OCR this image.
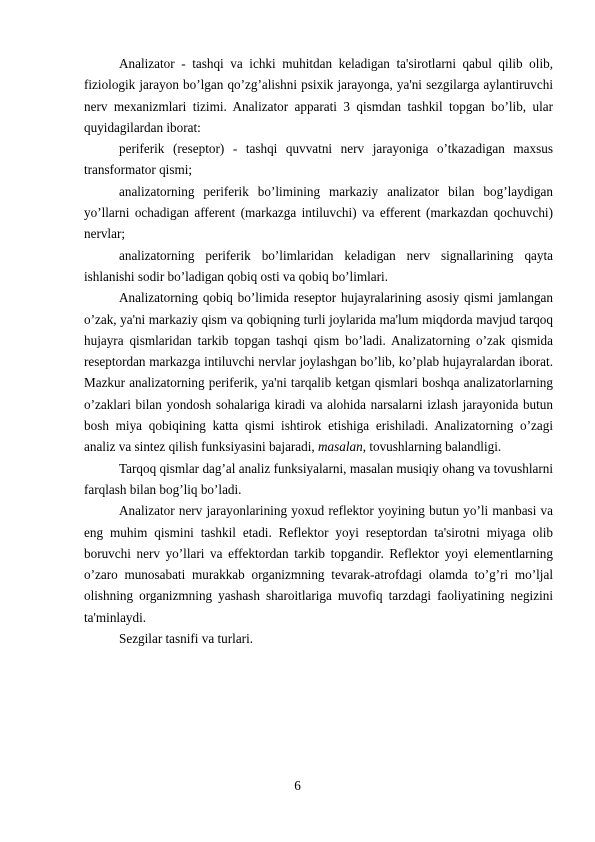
Analizator - tashqi va ichki muhitdan keladigan ta'sirotlarni qabul qilib olib, fiziologik jarayon bo’lgan qo’zg’alishni psixik jarayonga, ya'ni sezgilarga aylantiruvchi nerv mexanizmlari tizimi. Analizator apparati 3 qismdan tashkil topgan bo’lib, ular quyidagilardan iborat:

periferik (reseptor) - tashqi quvvatni nerv jarayoniga o’tkazadigan maxsus transformator qismi;

analizatorning periferik bo’limining markaziy analizator bilan bog’laydigan yo’llarni ochadigan afferent (markazga intiluvchi) va efferent (markazdan qochuvchi) nervlar;

analizatorning periferik bo’limlaridan keladigan nerv signallarining qayta ishlanishi sodir bo’ladigan qobiq osti va qobiq bo’limlari.

Analizatorning qobiq bo’limida reseptor hujayralarining asosiy qismi jamlangan o’zak, ya'ni markaziy qism va qobiqning turli joylarida ma'lum miqdorda mavjud tarqoq hujayra qismlaridan tarkib topgan tashqi qism bo’ladi. Analizatorning o’zak qismida reseptordan markazga intiluvchi nervlar joylashgan bo’lib, ko’plab hujayralardan iborat. Mazkur analizatorning periferik, ya'ni tarqalib ketgan qismlari boshqa analizatorlarning o’zaklari bilan yondosh sohalariga kiradi va alohida narsalarni izlash jarayonida butun bosh miya qobiqining katta qismi ishtirok etishiga erishiladi. Analizatorning o’zagi analiz va sintez qilish funksiyasini bajaradi, masalan, tovushlarning balandligi.

Tarqoq qismlar dag’al analiz funksiyalarni, masalan musiqiy ohang va tovushlarni farqlash bilan bog’liq bo’ladi.

Analizator nerv jarayonlarining yoxud reflektor yoyining butun yo’li manbasi va eng muhim qismini tashkil etadi. Reflektor yoyi reseptordan ta'sirotni miyaga olib boruvchi nerv yo’llari va effektordan tarkib topgandir. Reflektor yoyi elementlarning o’zaro munosabati murakkab organizmning tevarak-atrofdagi olamda to’g’ri mo’ljal olishning organizmning yashash sharoitlariga muvofiq tarzdagi faoliyatining negizini ta'minlaydi.

Sezgilar tasnifi va turlari.

6
